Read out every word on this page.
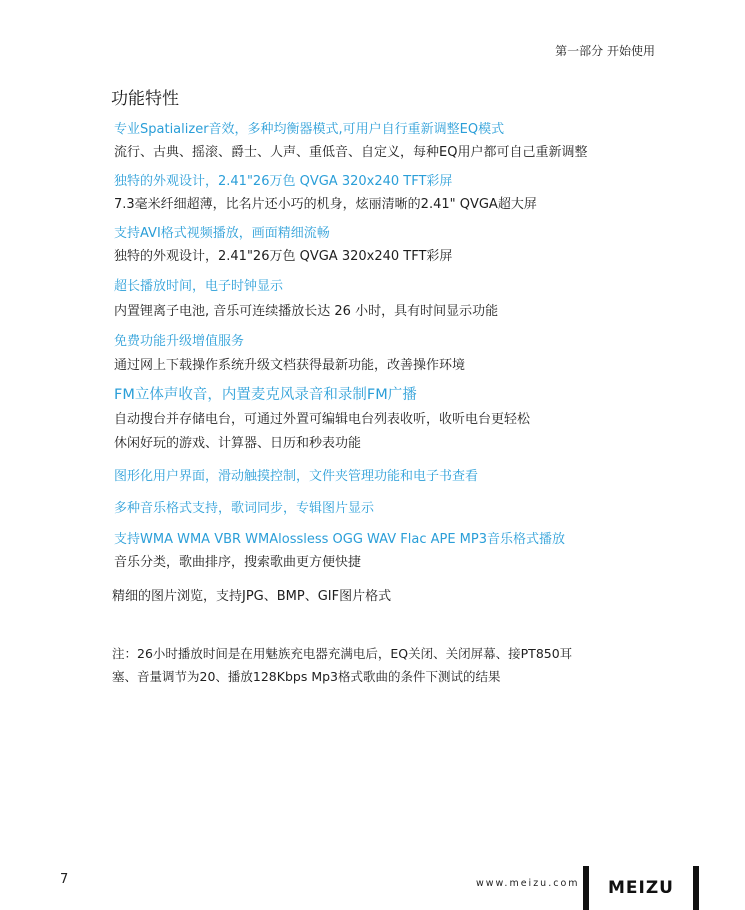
第一部分 开始使用
功能特性
专业Spatializer音效，多种均衡器模式,可用户自行重新调整EQ模式
流行、古典、摇滚、爵士、人声、重低音、自定义，每种EQ用户都可自己重新调整
独特的外观设计，2.41"26万色 QVGA 320x240 TFT彩屏
7.3毫米纤细超薄，比名片还小巧的机身，炫丽清晰的2.41" QVGA超大屏
支持AVI格式视频播放，画面精细流畅
独特的外观设计，2.41"26万色 QVGA 320x240 TFT彩屏
超长播放时间，电子时钟显示
内置锂离子电池, 音乐可连续播放长达 26 小时，具有时间显示功能
免费功能升级增值服务
通过网上下载操作系统升级文档获得最新功能，改善操作环境
FM立体声收音，内置麦克风录音和录制FM广播
自动搜台并存储电台，可通过外置可编辑电台列表收听，收听电台更轻松
休闲好玩的游戏、计算器、日历和秒表功能
图形化用户界面，滑动触摸控制，文件夹管理功能和电子书查看
多种音乐格式支持，歌词同步，专辑图片显示
支持WMA WMA VBR WMAlossless OGG WAV Flac APE MP3音乐格式播放
音乐分类，歌曲排序，搜索歌曲更方便快捷
精细的图片浏览，支持JPG、BMP、GIF图片格式
注：26小时播放时间是在用魅族充电器充满电后，EQ关闭、关闭屏幕、接PT850耳
塞、音量调节为20、播放128Kbps Mp3格式歌曲的条件下测试的结果
7	www.meizu.com MEIZU
